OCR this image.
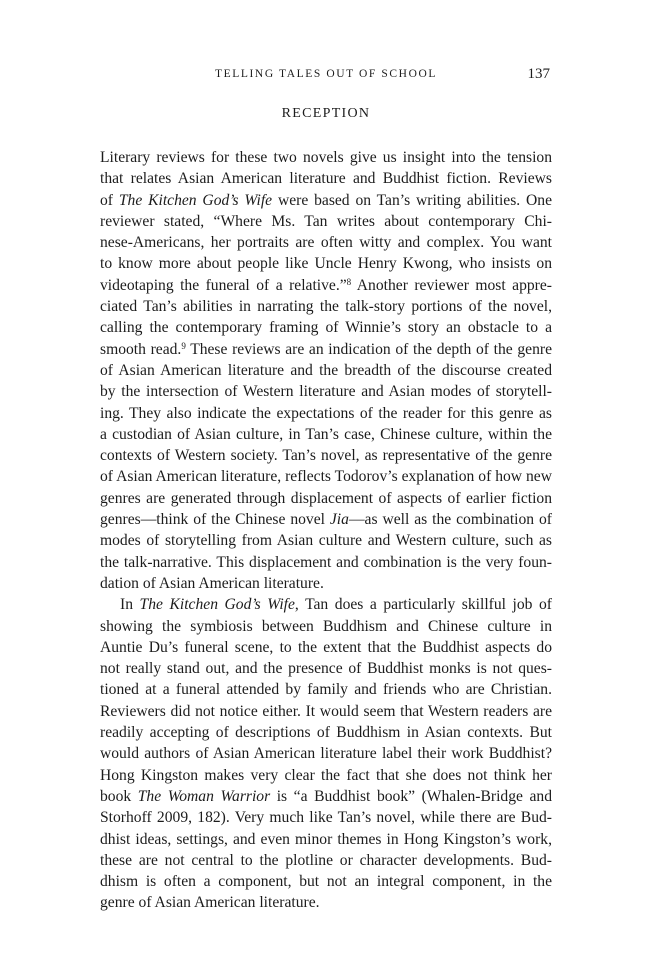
TELLING TALES OUT OF SCHOOL	137
RECEPTION
Literary reviews for these two novels give us insight into the tension
that relates Asian American literature and Buddhist fiction. Reviews
of The Kitchen God’s Wife were based on Tan’s writing abilities. One
reviewer stated, “Where Ms. Tan writes about contemporary Chi-
nese-Americans, her portraits are often witty and complex. You want
to know more about people like Uncle Henry Kwong, who insists on
videotaping the funeral of a relative.”$^8$ Another reviewer most appre-
ciated Tan’s abilities in narrating the talk-story portions of the novel,
calling the contemporary framing of Winnie’s story an obstacle to a
smooth read.$^9$ These reviews are an indication of the depth of the genre
of Asian American literature and the breadth of the discourse created
by the intersection of Western literature and Asian modes of storytell-
ing. They also indicate the expectations of the reader for this genre as
a custodian of Asian culture, in Tan’s case, Chinese culture, within the
contexts of Western society. Tan’s novel, as representative of the genre
of Asian American literature, reflects Todorov’s explanation of how new
genres are generated through displacement of aspects of earlier fiction
genres—think of the Chinese novel Jia—as well as the combination of
modes of storytelling from Asian culture and Western culture, such as
the talk-narrative. This displacement and combination is the very foun-
dation of Asian American literature.
In The Kitchen God’s Wife, Tan does a particularly skillful job of
showing the symbiosis between Buddhism and Chinese culture in
Auntie Du’s funeral scene, to the extent that the Buddhist aspects do
not really stand out, and the presence of Buddhist monks is not ques-
tioned at a funeral attended by family and friends who are Christian.
Reviewers did not notice either. It would seem that Western readers are
readily accepting of descriptions of Buddhism in Asian contexts. But
would authors of Asian American literature label their work Buddhist?
Hong Kingston makes very clear the fact that she does not think her
book The Woman Warrior is “a Buddhist book” (Whalen-Bridge and
Storhoff 2009, 182). Very much like Tan’s novel, while there are Bud-
dhist ideas, settings, and even minor themes in Hong Kingston’s work,
these are not central to the plotline or character developments. Bud-
dhism is often a component, but not an integral component, in the
genre of Asian American literature.
